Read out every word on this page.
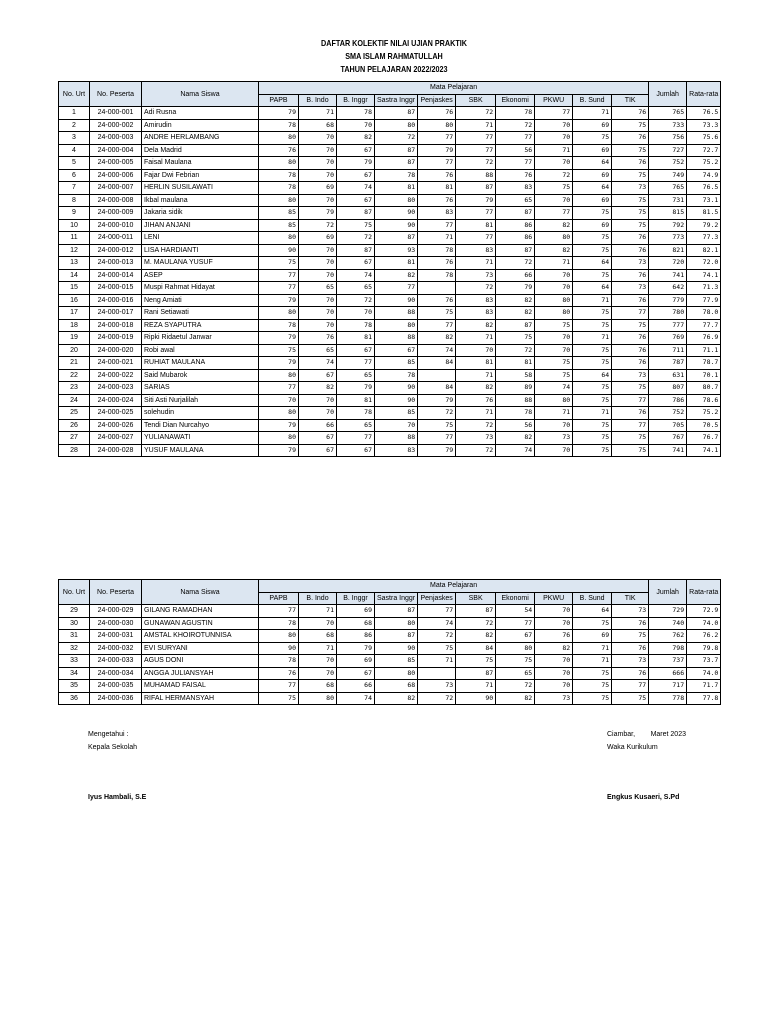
DAFTAR KOLEKTIF NILAI UJIAN PRAKTIK
SMA ISLAM RAHMATULLAH
TAHUN PELAJARAN 2022/2023
No. Urt	No. Peserta	Nama Siswa	Mata Pelajaran										Jumlah	Rata-rata
			PAPB	B. Indo	B. Inggr	Sastra Inggr	Penjaskes	SBK	Ekonomi	PKWU	B. Sund	TIK		
1	24-000-001	Adi Rusna	79	71	78	87	76	72	78	77	71	76	765	76.5
2	24-000-002	Amirudin	78	68	70	80	80	71	72	70	69	75	733	73.3
3	24-000-003	ANDRE HERLAMBANG	80	70	82	72	77	77	77	70	75	76	756	75.6
4	24-000-004	Dela Madrid	76	70	67	87	79	77	56	71	69	75	727	72.7
5	24-000-005	Faisal Maulana	80	70	79	87	77	72	77	70	64	76	752	75.2
6	24-000-006	Fajar Dwi Febrian	78	70	67	78	76	88	76	72	69	75	749	74.9
7	24-000-007	HERLIN SUSILAWATI	78	69	74	81	81	87	83	75	64	73	765	76.5
8	24-000-008	Ikbal maulana	80	70	67	80	76	79	65	70	69	75	731	73.1
9	24-000-009	Jakaria sidik	85	79	87	90	83	77	87	77	75	75	815	81.5
10	24-000-010	JIHAN ANJANI	85	72	75	90	77	81	86	82	69	75	792	79.2
11	24-000-011	LENI	80	69	72	87	71	77	86	80	75	76	773	77.3
12	24-000-012	LISA HARDIANTI	90	70	87	93	78	83	87	82	75	76	821	82.1
13	24-000-013	M. MAULANA YUSUF	75	70	67	81	76	71	72	71	64	73	720	72.0
14	24-000-014	ASEP	77	70	74	82	78	73	66	70	75	76	741	74.1
15	24-000-015	Muspi Rahmat Hidayat	77	65	65	77		72	79	70	64	73	642	71.3
16	24-000-016	Neng Amiati	79	70	72	90	76	83	82	80	71	76	779	77.9
17	24-000-017	Rani Setiawati	80	70	70	88	75	83	82	80	75	77	780	78.0
18	24-000-018	REZA SYAPUTRA	78	70	78	80	77	82	87	75	75	75	777	77.7
19	24-000-019	Ripki Ridaetul Janwar	79	76	81	88	82	71	75	70	71	76	769	76.9
20	24-000-020	Robi awal	75	65	67	67	74	70	72	70	75	76	711	71.1
21	24-000-021	RUHIAT MAULANA	79	74	77	85	84	81	81	75	75	76	787	78.7
22	24-000-022	Said Mubarok	80	67	65	78		71	58	75	64	73	631	70.1
23	24-000-023	SARIAS	77	82	79	90	84	82	89	74	75	75	807	80.7
24	24-000-024	Siti Asti Nurjalilah	70	70	81	90	79	76	88	80	75	77	786	78.6
25	24-000-025	solehudin	80	70	78	85	72	71	78	71	71	76	752	75.2
26	24-000-026	Tendi Dian Nurcahyo	79	66	65	70	75	72	56	70	75	77	705	70.5
27	24-000-027	YULIANAWATI	80	67	77	88	77	73	82	73	75	75	767	76.7
28	24-000-028	YUSUF MAULANA	79	67	67	83	79	72	74	70	75	75	741	74.1
No. Urt	No. Peserta	Nama Siswa	Mata Pelajaran										Jumlah	Rata-rata
			PAPB	B. Indo	B. Inggr	Sastra Inggr	Penjaskes	SBK	Ekonomi	PKWU	B. Sund	TIK		
29	24-000-029	GILANG RAMADHAN	77	71	69	87	77	87	54	70	64	73	729	72.9
30	24-000-030	GUNAWAN AGUSTIN	78	70	68	80	74	72	77	70	75	76	740	74.0
31	24-000-031	AMSTAL KHOIROTUNNISA	80	68	86	87	72	82	67	76	69	75	762	76.2
32	24-000-032	EVI SURYANI	90	71	79	90	75	84	80	82	71	76	798	79.8
33	24-000-033	AGUS DONI	78	70	69	85	71	75	75	70	71	73	737	73.7
34	24-000-034	ANGGA JULIANSYAH	76	70	67	80		87	65	70	75	76	666	74.0
35	24-000-035	MUHAMAD FAISAL	77	68	66	68	73	71	72	70	75	77	717	71.7
36	24-000-036	RIFAL HERMANSYAH	75	80	74	82	72	90	82	73	75	75	778	77.8
Mengetahui :
Kepala Sekolah
Iyus Hambali, S.E
Ciambar,        Maret 2023
Waka Kurikulum
Engkus Kusaeri, S.Pd
